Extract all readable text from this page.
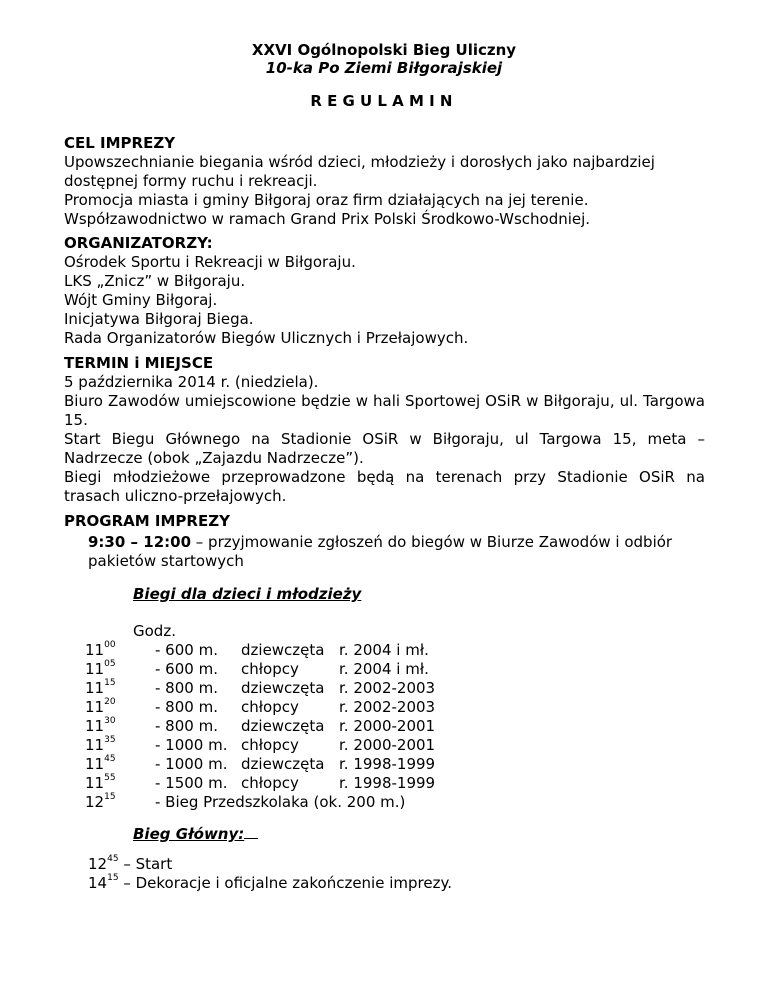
XXVI Ogólnopolski Bieg Uliczny
10-ka Po Ziemi Biłgorajskiej
REGULAMIN

CEL IMPREZY

Upowszechnianie biegania wśród dzieci, młodzieży i dorosłych jako najbardziej

dostępnej formy ruchu i rekreacji.

Promocja miasta i gminy Biłgoraj oraz firm działających na jej terenie.

Współzawodnictwo w ramach Grand Prix Polski Środkowo-Wschodniej.

ORGANIZATORZY:

Ośrodek Sportu i Rekreacji w Biłgoraju.

LKS „Znicz” w Biłgoraju.

Wójt Gminy Biłgoraj.

Inicjatywa Biłgoraj Biega.

Rada Organizatorów Biegów Ulicznych i Przełajowych.

TERMIN i MIEJSCE

5 października 2014 r. (niedziela).

Biuro Zawodów umiejscowione będzie w hali Sportowej OSiR w Biłgoraju, ul. Targowa 15.

Start Biegu Głównego na Stadionie OSiR w Biłgoraju, ul Targowa 15, meta – Nadrzecze (obok „Zajazdu Nadrzecze”).

Biegi młodzieżowe przeprowadzone będą na terenach przy Stadionie OSiR na trasach uliczno-przełajowych.

PROGRAM IMPREZY

9:30 – 12:00 – przyjmowanie zgłoszeń do biegów w Biurze Zawodów i odbiór pakietów startowych
Biegi dla dzieci i młodzieży
Godz.
$11^{00}$	- 600 m. dziewczęta r. 2004 i mł.
$11^{05}$	- 600 m. chłopcy	r. 2004 i mł.
$11^{15}$	- 800 m. dziewczęta r. 2002-2003
$11^{20}$	- 800 m. chłopcy	r. 2002-2003
$11^{30}$	- 800 m. dziewczęta r. 2000-2001
$11^{35}$	- 1000 m. chłopcy	r. 2000-2001
$11^{45}$	- 1000 m. dziewczęta r. 1998-1999
$11^{55}$	- 1500 m. chłopcy	r. 1998-1999
$12^{15}$	- Bieg Przedszkolaka (ok. 200 m.)
Bieg Główny:
$12^{45}$ – Start
$14^{15}$ – Dekoracje i oficjalne zakończenie imprezy.
